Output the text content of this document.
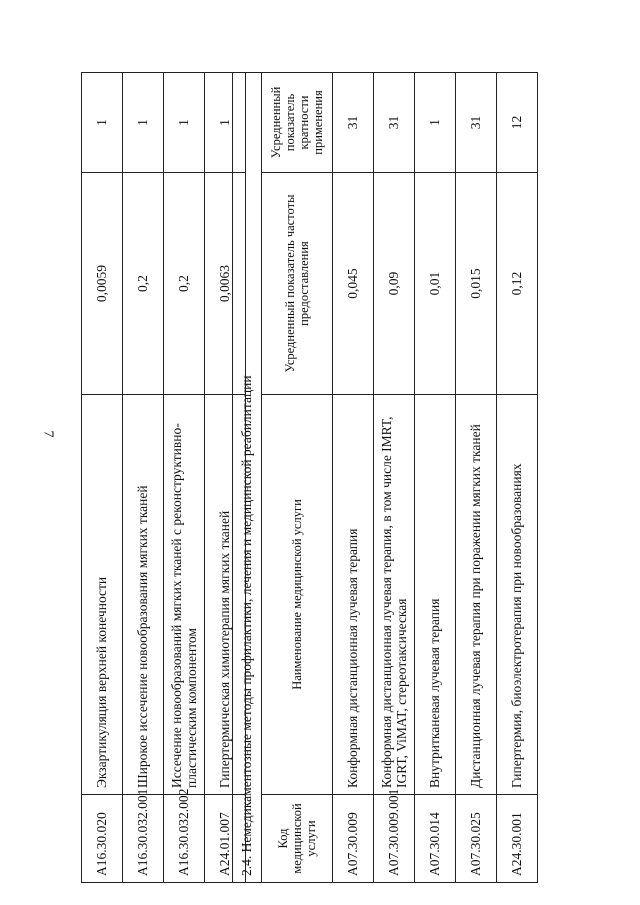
7
A16.30.020	Экзартикуляция верхней конечности	0,0059	1
A16.30.032.001	Широкое иссечение новообразования мягких тканей	0,2	1
A16.30.032.002	Иссечение новообразований мягких тканей с реконструктивно-пластическим компонентом	0,2	1
A24.01.007	Гипертермическая химиотерапия мягких тканей	0,0063	1
2.4. Немедикаментозные методы профилактики, лечения и медицинской реабилитации			
Код медицинской услуги	Наименование медицинской услуги	Усредненный показатель частоты предоставления	Усредненный показатель кратности применения
A07.30.009	Конформная дистанционная лучевая терапия	0,045	31
A07.30.009.001	Конформная дистанционная лучевая терапия, в том числе IMRT, IGRT, ViMAT, стереотаксическая	0,09	31
A07.30.014	Внутритканевая лучевая терапия	0,01	1
A07.30.025	Дистанционная лучевая терапия при поражении мягких тканей	0,015	31
A24.30.001	Гипертермия, биоэлектротерапия при новообразованиях	0,12	12
